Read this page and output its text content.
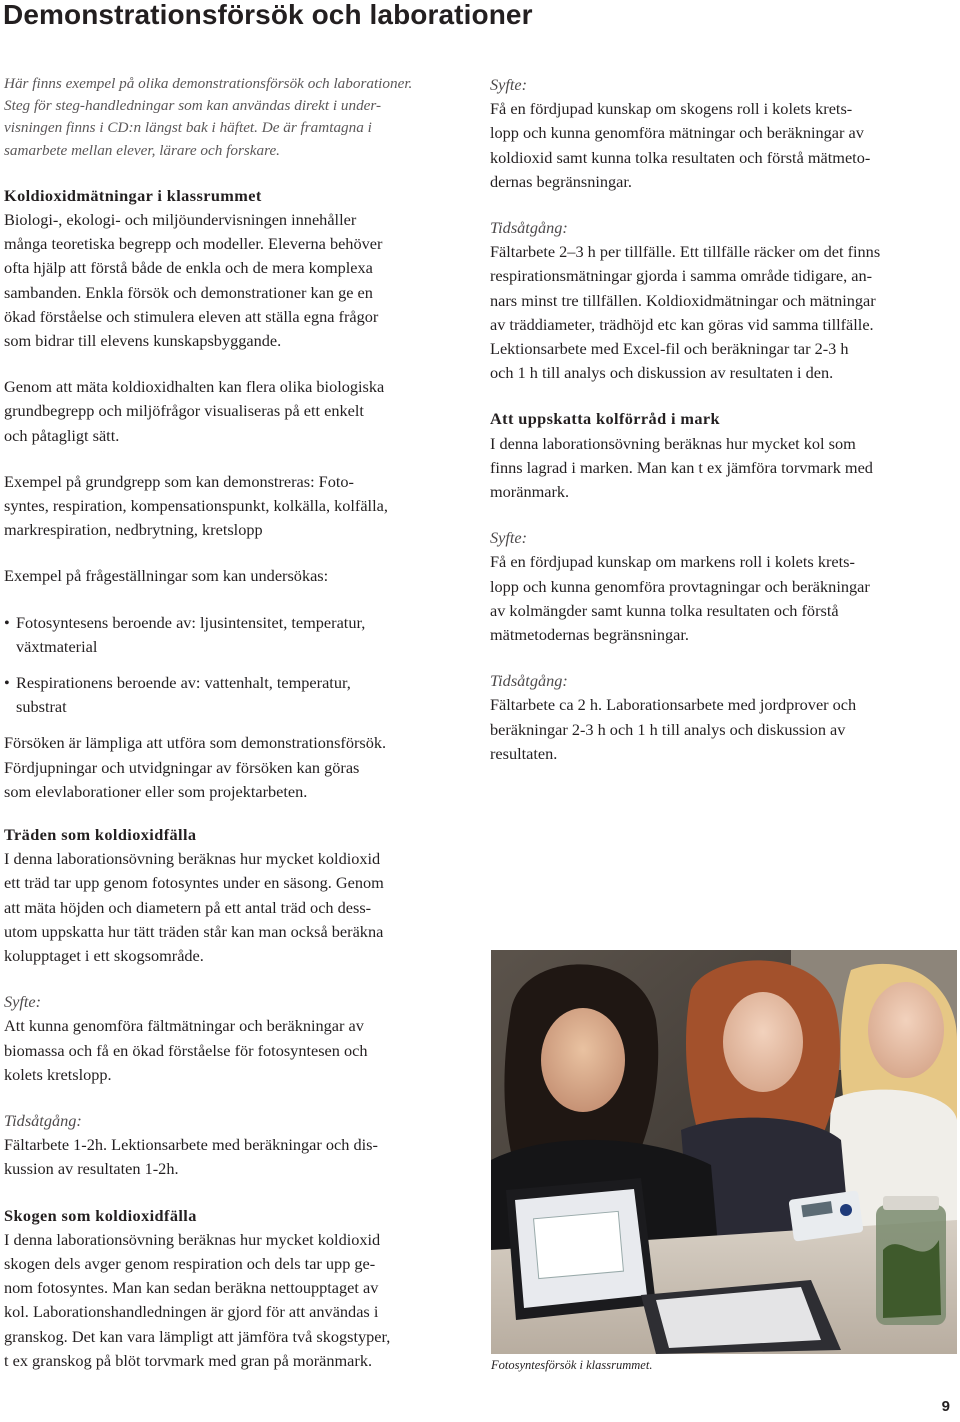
Demonstrationsförsök och laborationer

Här finns exempel på olika demonstrationsförsök och laborationer.
Steg för steg-handledningar som kan användas direkt i under-
visningen finns i CD:n längst bak i häftet. De är framtagna i
samarbete mellan elever, lärare och forskare.

Koldioxidmätningar i klassrummet

Biologi-, ekologi- och miljöundervisningen innehåller
många teoretiska begrepp och modeller. Eleverna behöver
ofta hjälp att förstå både de enkla och de mera komplexa
sambanden. Enkla försök och demonstrationer kan ge en
ökad förståelse och stimulera eleven att ställa egna frågor
som bidrar till elevens kunskapsbyggande.

Genom att mäta koldioxidhalten kan flera olika biologiska
grundbegrepp och miljöfrågor visualiseras på ett enkelt
och påtagligt sätt.

Exempel på grundgrepp som kan demonstreras: Foto-
syntes, respiration, kompensationspunkt, kolkälla, kolfälla,
markrespiration, nedbrytning, kretslopp

Exempel på frågeställningar som kan undersökas:

• Fotosyntesens beroende av: ljusintensitet, temperatur,
växtmaterial
• Respirationens beroende av: vattenhalt, temperatur,
substrat

Försöken är lämpliga att utföra som demonstrationsförsök.
Fördjupningar och utvidgningar av försöken kan göras
som elevlaborationer eller som projektarbeten.

Syfte:

Få en fördjupad kunskap om skogens roll i kolets krets-
lopp och kunna genomföra mätningar och beräkningar av
koldioxid samt kunna tolka resultaten och förstå mätmeto-
dernas begränsningar.

Tidsåtgång:

Fältarbete 2–3 h per tillfälle. Ett tillfälle räcker om det finns
respirationsmätningar gjorda i samma område tidigare, an-
nars minst tre tillfällen. Koldioxidmätningar och mätningar
av träddiameter, trädhöjd etc kan göras vid samma tillfälle.
Lektionsarbete med Excel-fil och beräkningar tar 2-3 h
och 1 h till analys och diskussion av resultaten i den.

Att uppskatta kolförråd i mark

I denna laborationsövning beräknas hur mycket kol som
finns lagrad i marken. Man kan t ex jämföra torvmark med
moränmark.

Syfte:

Få en fördjupad kunskap om markens roll i kolets krets-
lopp och kunna genomföra provtagningar och beräkningar
av kolmängder samt kunna tolka resultaten och förstå
mätmetodernas begränsningar.

Tidsåtgång:

Fältarbete ca 2 h. Laborationsarbete med jordprover och
beräkningar 2-3 h och 1 h till analys och diskussion av
resultaten.

Träden som koldioxidfälla

I denna laborationsövning beräknas hur mycket koldioxid
ett träd tar upp genom fotosyntes under en säsong. Genom
att mäta höjden och diametern på ett antal träd och dess-
utom uppskatta hur tätt träden står kan man också beräkna
kolupptaget i ett skogsområde.

Syfte:

Att kunna genomföra fältmätningar och beräkningar av
biomassa och få en ökad förståelse för fotosyntesen och
kolets kretslopp.

Tidsåtgång:

Fältarbete 1-2h. Lektionsarbete med beräkningar och dis-
kussion av resultaten 1-2h.

Skogen som koldioxidfälla

I denna laborationsövning beräknas hur mycket koldioxid
skogen dels avger genom respiration och dels tar upp ge-
nom fotosyntes. Man kan sedan beräkna nettoupptaget av
kol. Laborationshandledningen är gjord för att användas i
granskog. Det kan vara lämpligt att jämföra två skogstyper,
t ex granskog på blöt torvmark med gran på moränmark.	Fotosyntesförsök i klassrummet.
9
